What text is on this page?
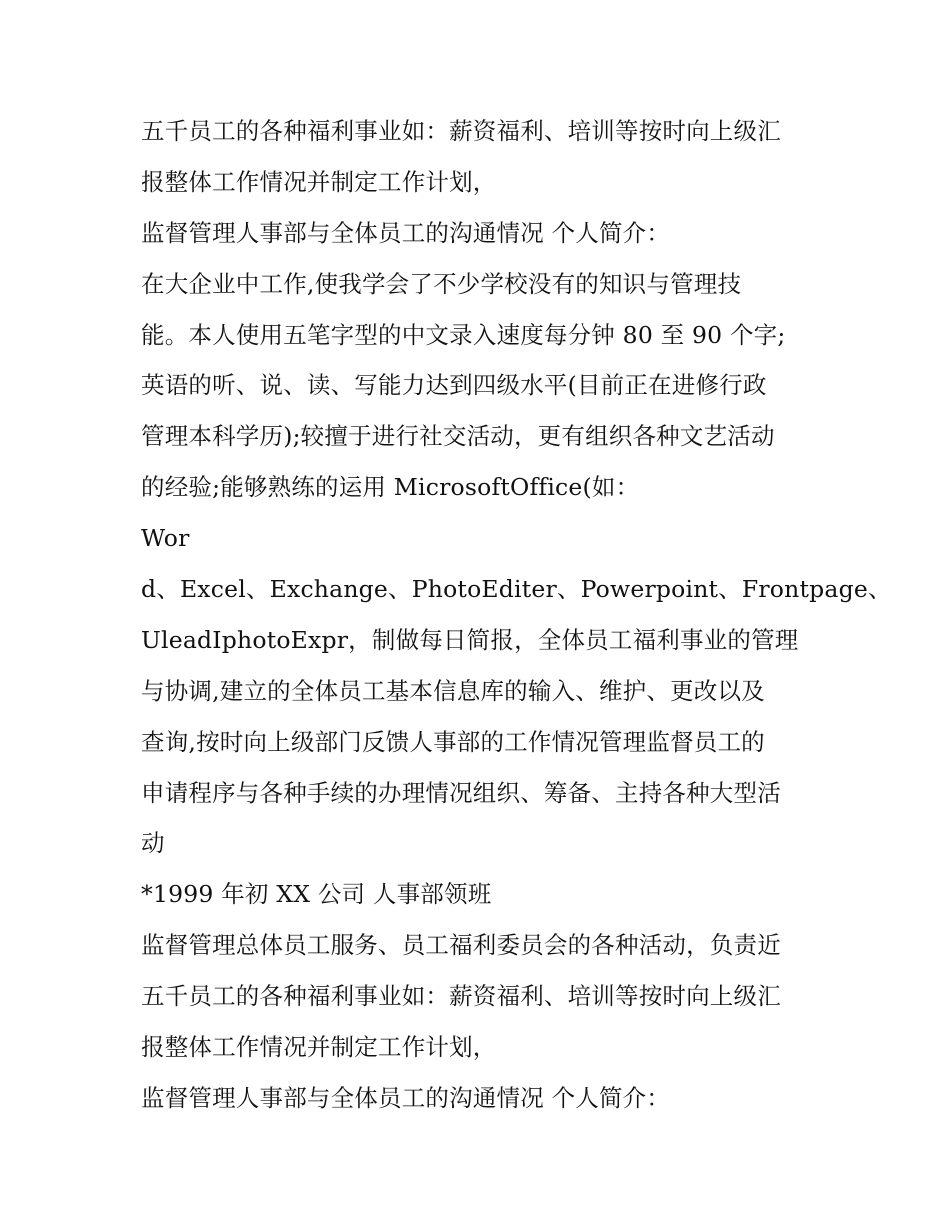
五千员工的各种福利事业如：薪资福利、培训等按时向上级汇
报整体工作情况并制定工作计划，
监督管理人事部与全体员工的沟通情况 个人简介：
在大企业中工作,使我学会了不少学校没有的知识与管理技
能。本人使用五笔字型的中文录入速度每分钟 80 至 90 个字;
英语的听、说、读、写能力达到四级水平(目前正在进修行政
管理本科学历);较擅于进行社交活动，更有组织各种文艺活动
的经验;能够熟练的运用 MicrosoftOffice(如：
Wor
d、Excel、Exchange、PhotoEditer、Powerpoint、Frontpage、
UleadIphotoExpr，制做每日简报，全体员工福利事业的管理
与协调,建立的全体员工基本信息库的输入、维护、更改以及
查询,按时向上级部门反馈人事部的工作情况管理监督员工的
申请程序与各种手续的办理情况组织、筹备、主持各种大型活
动
*1999 年初 XX 公司 人事部领班
监督管理总体员工服务、员工福利委员会的各种活动，负责近
五千员工的各种福利事业如：薪资福利、培训等按时向上级汇
报整体工作情况并制定工作计划，
监督管理人事部与全体员工的沟通情况 个人简介：
